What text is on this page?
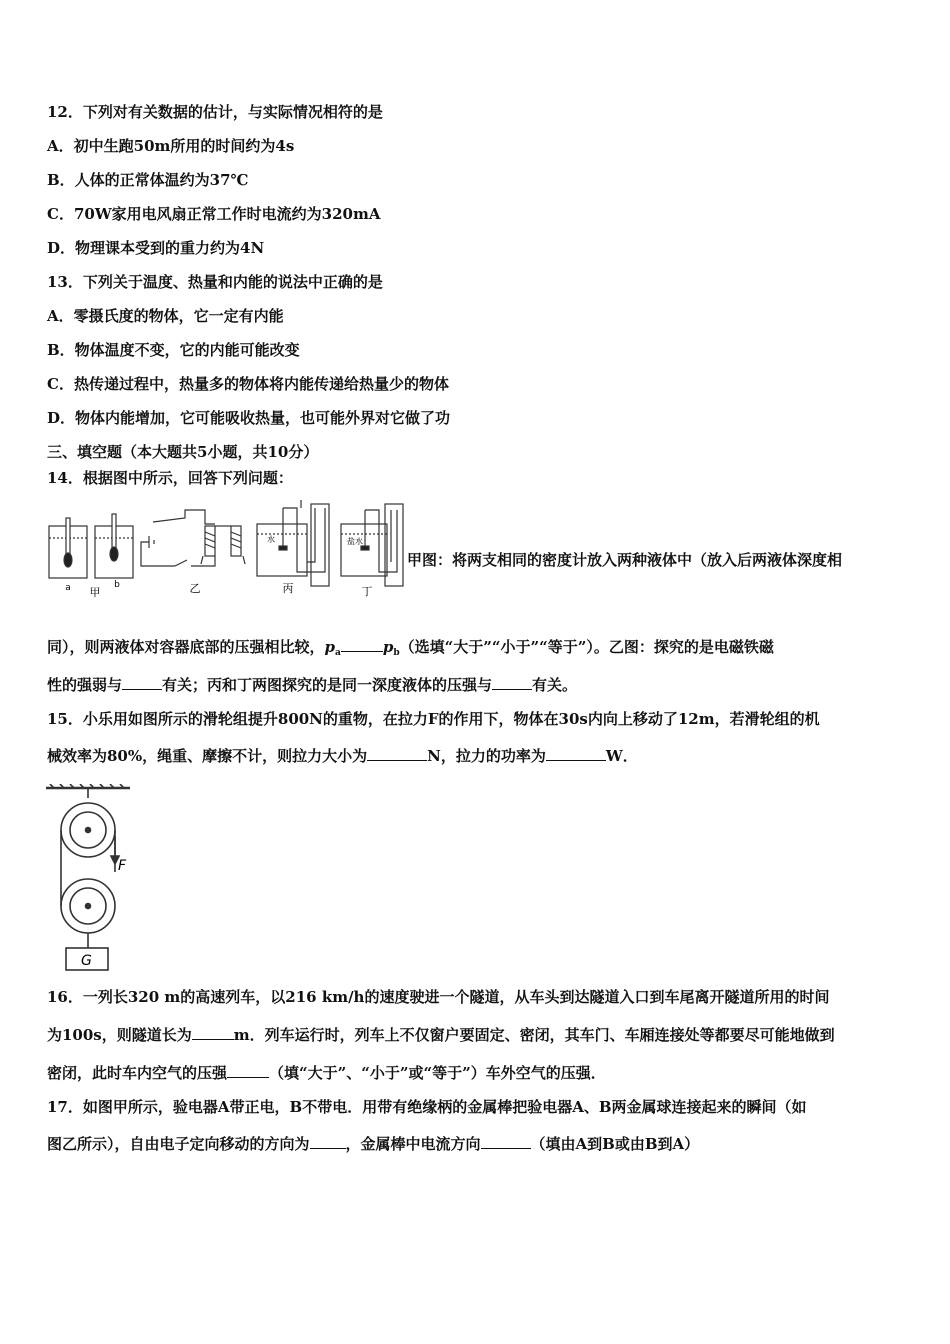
12．下列对有关数据的估计，与实际情况相符的是
A．初中生跑50m所用的时间约为4s
B．人体的正常体温约为37℃
C．70W家用电风扇正常工作时电流约为320mA
D．物理课本受到的重力约为4N
13．下列关于温度、热量和内能的说法中正确的是
A．零摄氏度的物体，它一定有内能
B．物体温度不变，它的内能可能改变
C．热传递过程中，热量多的物体将内能传递给热量少的物体
D．物体内能增加，它可能吸收热量，也可能外界对它做了功
三、填空题（本大题共5小题，共10分）
14．根据图中所示，回答下列问题：
a	b
甲	乙
水
丙
盐水
丁
甲图：将两支相同的密度计放入两种液体中（放入后两液体深度相
同），则两液体对容器底部的压强相比较，$p_a$	$p_b$（选填“大于”“小于”“等于”）。乙图：探究的是电磁铁磁
性的强弱与	有关；丙和丁两图探究的是同一深度液体的压强与	有关。
15．小乐用如图所示的滑轮组提升800N的重物，在拉力F的作用下，物体在30s内向上移动了12m，若滑轮组的机
械效率为80%，绳重、摩擦不计，则拉力大小为	N，拉力的功率为	W．
F
G
16．一列长320 m的高速列车，以216 km/h的速度驶进一个隧道，从车头到达隧道入口到车尾离开隧道所用的时间
为100s，则隧道长为	m．列车运行时，列车上不仅窗户要固定、密闭，其车门、车厢连接处等都要尽可能地做到
密闭，此时车内空气的压强	（填“大于”、“小于”或“等于”）车外空气的压强．
17．如图甲所示，验电器A带正电，B不带电．用带有绝缘柄的金属棒把验电器A、B两金属球连接起来的瞬间（如
图乙所示），自由电子定向移动的方向为 ，金属棒中电流方向	（填由A到B或由B到A）
